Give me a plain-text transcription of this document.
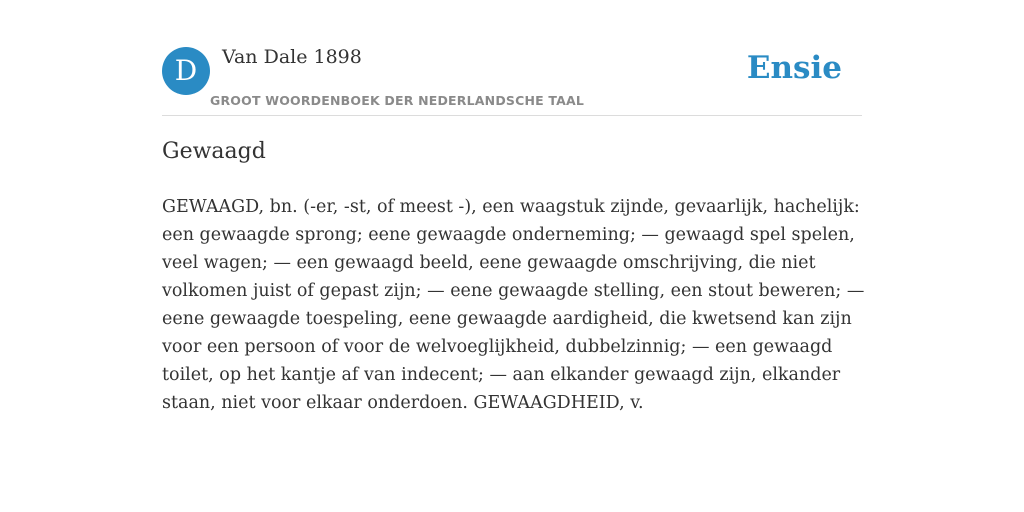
D	Van Dale 1898
GROOT WOORDENBOEK DER NEDERLANDSCHE TAAL
Ensie
Gewaagd

GEWAAGD, bn. (-er, -st, of meest -), een waagstuk zijnde, gevaarlijk, hachelijk: een gewaagde sprong; eene gewaagde onderneming; — gewaagd spel spelen, veel wagen; — een gewaagd beeld, eene gewaagde omschrijving, die niet volkomen juist of gepast zijn; — eene gewaagde stelling, een stout beweren; — eene gewaagde toespeling, eene gewaagde aardigheid, die kwetsend kan zijn voor een persoon of voor de welvoeglijkheid, dubbelzinnig; — een gewaagd toilet, op het kantje af van indecent; — aan elkander gewaagd zijn, elkander staan, niet voor elkaar onderdoen. GEWAAGDHEID, v.
